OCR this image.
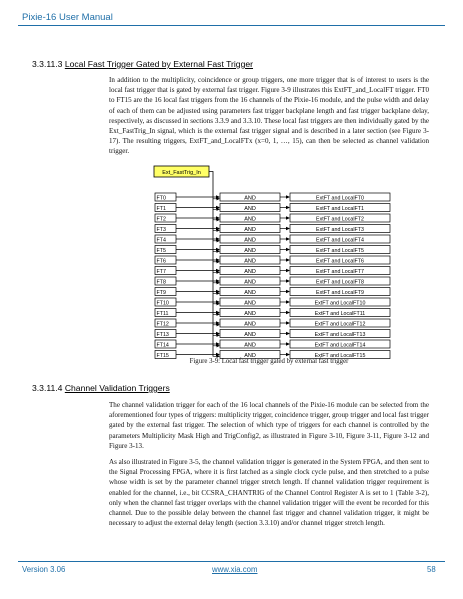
Pixie-16 User Manual
3.3.11.3 Local Fast Trigger Gated by External Fast Trigger

In addition to the multiplicity, coincidence or group triggers, one more trigger that is of interest to users is the local fast trigger that is gated by external fast trigger. Figure 3-9 illustrates this ExtFT_and_LocalFT trigger. FT0 to FT15 are the 16 local fast triggers from the 16 channels of the Pixie-16 module, and the pulse width and delay of each of them can be adjusted using parameters fast trigger backplane length and fast trigger backplane delay, respectively, as discussed in sections 3.3.9 and 3.3.10. These local fast triggers are then individually gated by the Ext_FastTrig_In signal, which is the external fast trigger signal and is described in a later section (see Figure 3-17). The resulting triggers, ExtFT_and_LocalFTx (x=0, 1, …, 15), can then be selected as channel validation trigger.

Ext_FastTrig_In
FT0	AND	ExtFT and LocalFT0
FT1	AND	ExtFT and LocalFT1
FT2	AND	ExtFT and LocalFT2
FT3	AND	ExtFT and LocalFT3
FT4	AND	ExtFT and LocalFT4
FT5	AND	ExtFT and LocalFT5
FT6	AND	ExtFT and LocalFT6
FT7	AND	ExtFT and LocalFT7
FT8	AND	ExtFT and LocalFT8
FT9	AND	ExtFT and LocalFT9
FT10	AND	ExtFT and LocalFT10
FT11	AND	ExtFT and LocalFT11
FT12	AND	ExtFT and LocalFT12
FT13	AND	ExtFT and LocalFT13
FT14	AND	ExtFT and LocalFT14
FT15	AND	ExtFT and LocalFT15
Figure 3-9: Local fast trigger gated by external fast trigger
3.3.11.4 Channel Validation Triggers

The channel validation trigger for each of the 16 local channels of the Pixie-16 module can be selected from the aforementioned four types of triggers: multiplicity trigger, coincidence trigger, group trigger and local fast trigger gated by the external fast trigger. The selection of which type of triggers for each channel is controlled by the parameters Multiplicity Mask High and TrigConfig2, as illustrated in Figure 3-10, Figure 3-11, Figure 3-12 and Figure 3-13.

As also illustrated in Figure 3-5, the channel validation trigger is generated in the System FPGA, and then sent to the Signal Processing FPGA, where it is first latched as a single clock cycle pulse, and then stretched to a pulse whose width is set by the parameter channel trigger stretch length. If channel validation trigger requirement is enabled for the channel, i.e., bit CCSRA_CHANTRIG of the Channel Control Register A is set to 1 (Table 3-2), only when the channel fast trigger overlaps with the channel validation trigger will the event be recorded for this channel. Due to the possible delay between the channel fast trigger and channel validation trigger, it might be necessary to adjust the external delay length (section 3.3.10) and/or channel trigger stretch length.

Version 3.06	www.xia.com	58
